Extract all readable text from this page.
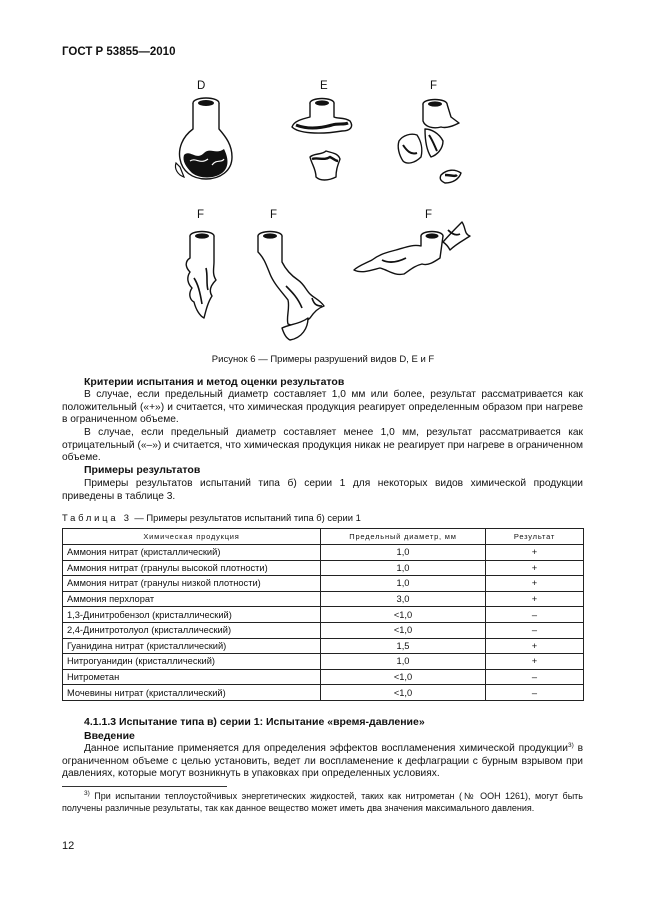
ГОСТ Р 53855—2010
D	E	F
F	F	F
Рисунок 6 — Примеры разрушений видов D, E и F
Критерии испытания и метод оценки результатов
В случае, если предельный диаметр составляет 1,0 мм или более, результат рассматривается как положительный («+») и считается, что химическая продукция реагирует определенным образом при нагреве в ограниченном объеме.
В случае, если предельный диаметр составляет менее 1,0 мм, результат рассматривается как отрицательный («–») и считается, что химическая продукция никак не реагирует при нагреве в ограниченном объеме.
Примеры результатов
Примеры результатов испытаний типа б) серии 1 для некоторых видов химической продукции приведены в таблице 3.
Таблица 3 — Примеры результатов испытаний типа б) серии 1
Химическая продукция	Предельный диаметр, мм	Результат
Аммония нитрат (кристаллический)	1,0	+
Аммония нитрат (гранулы высокой плотности)	1,0	+
Аммония нитрат (гранулы низкой плотности)	1,0	+
Аммония перхлорат	3,0	+
1,3-Динитробензол (кристаллический)	<1,0	–
2,4-Динитротолуол (кристаллический)	<1,0	–
Гуанидина нитрат (кристаллический)	1,5	+
Нитрогуанидин (кристаллический)	1,0	+
Нитрометан	<1,0	–
Мочевины нитрат (кристаллический)	<1,0	–
4.1.1.3 Испытание типа в) серии 1: Испытание «время-давление»
Введение
Данное испытание применяется для определения эффектов воспламенения химической продукции$^{3)}$ в ограниченном объеме с целью установить, ведет ли воспламенение к дефлаграции с бурным взрывом при давлениях, которые могут возникнуть в упаковках при определенных условиях.
$^{3)}$ При испытании теплоустойчивых энергетических жидкостей, таких как нитрометан (№ ООН 1261), могут быть получены различные результаты, так как данное вещество может иметь два значения максимального давления.
12
